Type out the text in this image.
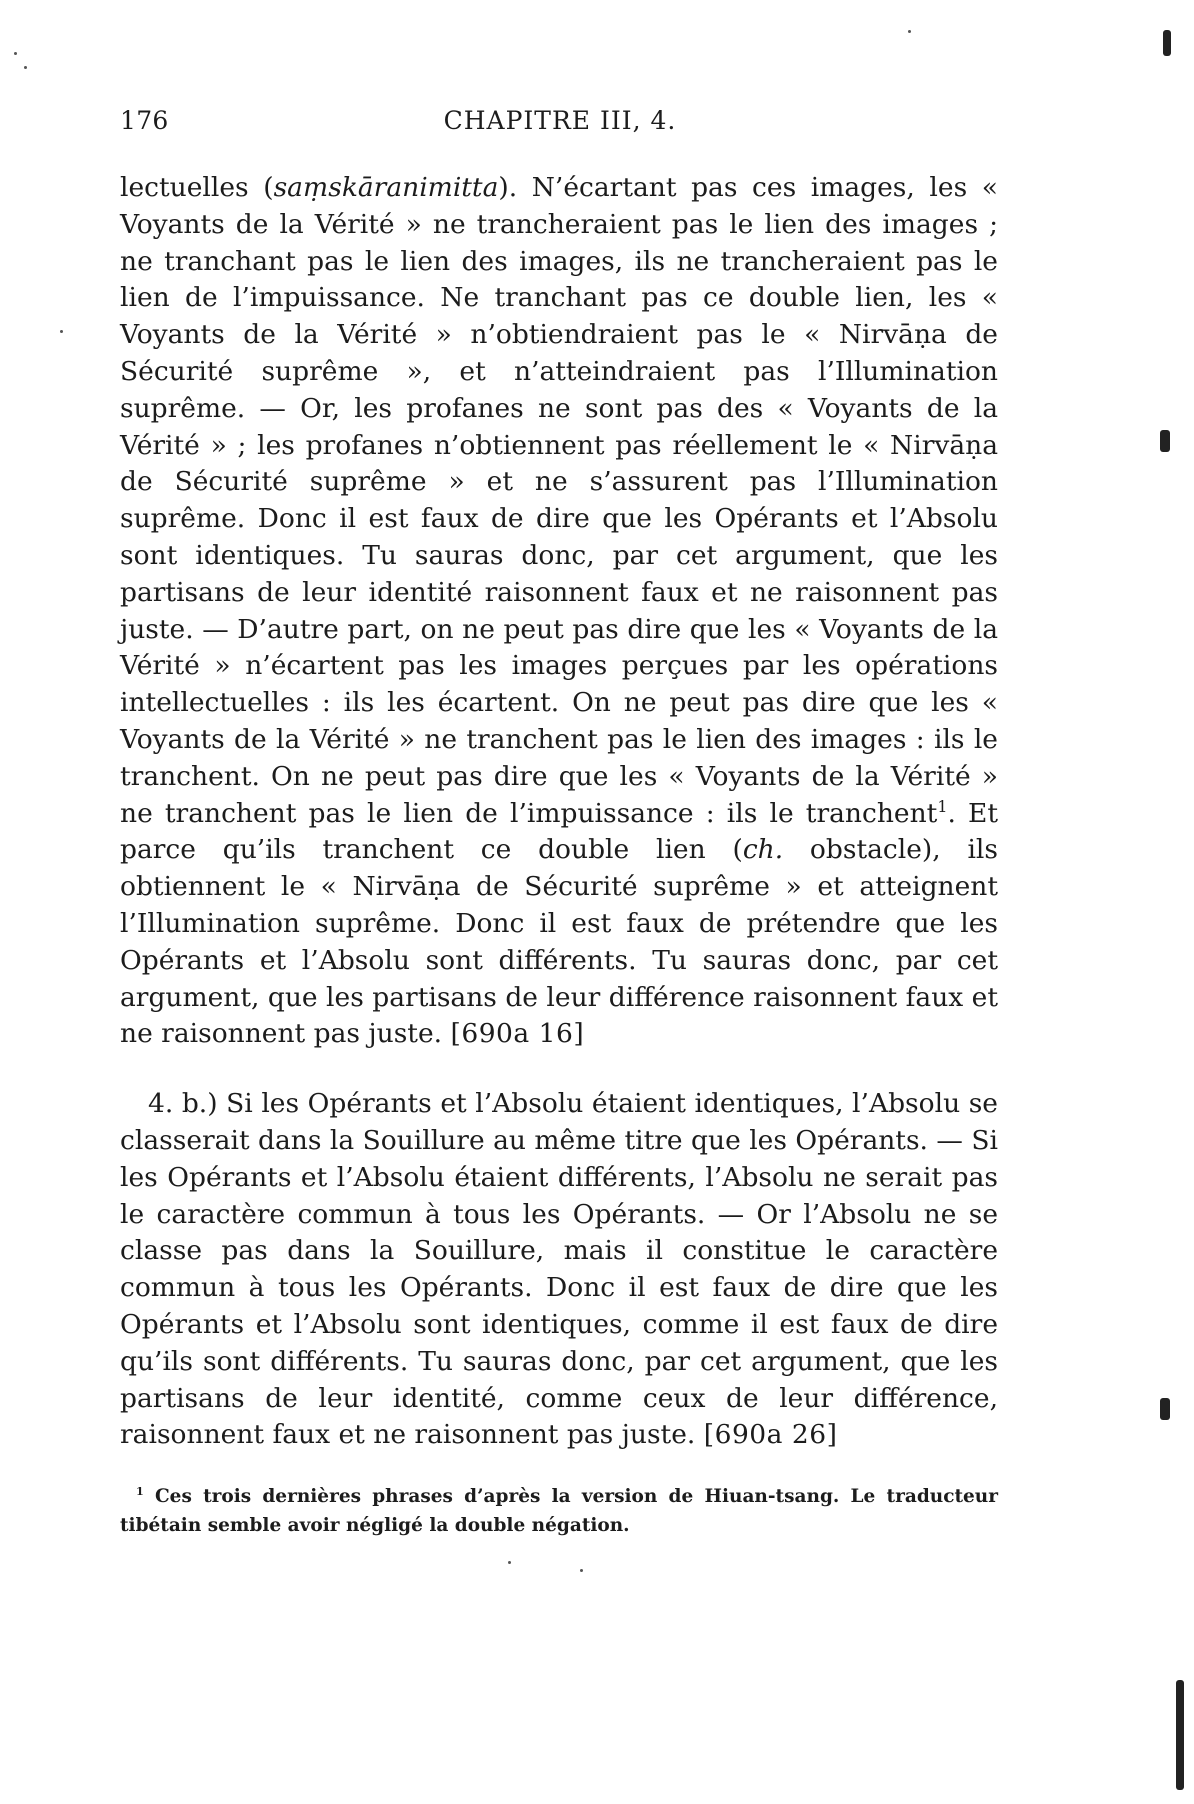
176	CHAPITRE III, 4.

lectuelles (saṃskāranimitta). N’écartant pas ces images, les « Voyants de la Vérité » ne trancheraient pas le lien des images ; ne tranchant pas le lien des images, ils ne trancheraient pas le lien de l’impuissance. Ne tranchant pas ce double lien, les « Voyants de la Vérité » n’obtiendraient pas le « Nirvāṇa de Sécurité suprême », et n’atteindraient pas l’Illumination suprême. — Or, les profanes ne sont pas des « Voyants de la Vérité » ; les profanes n’obtiennent pas réellement le « Nirvāṇa de Sécurité suprême » et ne s’assurent pas l’Illumination suprême. Donc il est faux de dire que les Opérants et l’Absolu sont identiques. Tu sauras donc, par cet argument, que les partisans de leur identité raisonnent faux et ne raisonnent pas juste. — D’autre part, on ne peut pas dire que les « Voyants de la Vérité » n’écartent pas les images perçues par les opérations intellectuelles : ils les écartent. On ne peut pas dire que les « Voyants de la Vérité » ne tranchent pas le lien des images : ils le tranchent. On ne peut pas dire que les « Voyants de la Vérité » ne tranchent pas le lien de l’impuissance : ils le tranchent$^1$. Et parce qu’ils tranchent ce double lien (ch. obstacle), ils obtiennent le « Nirvāṇa de Sécurité suprême » et atteignent l’Illumination suprême. Donc il est faux de prétendre que les Opérants et l’Absolu sont différents. Tu sauras donc, par cet argument, que les partisans de leur différence raisonnent faux et ne raisonnent pas juste. [690a 16]

4. b.) Si les Opérants et l’Absolu étaient identiques, l’Absolu se classerait dans la Souillure au même titre que les Opérants. — Si les Opérants et l’Absolu étaient différents, l’Absolu ne serait pas le caractère commun à tous les Opérants. — Or l’Absolu ne se classe pas dans la Souillure, mais il constitue le caractère commun à tous les Opérants. Donc il est faux de dire que les Opérants et l’Absolu sont identiques, comme il est faux de dire qu’ils sont différents. Tu sauras donc, par cet argument, que les partisans de leur identité, comme ceux de leur différence, raisonnent faux et ne raisonnent pas juste. [690a 26]

$^1$ Ces trois dernières phrases d’après la version de Hiuan-tsang. Le traducteur tibétain semble avoir négligé la double négation.
